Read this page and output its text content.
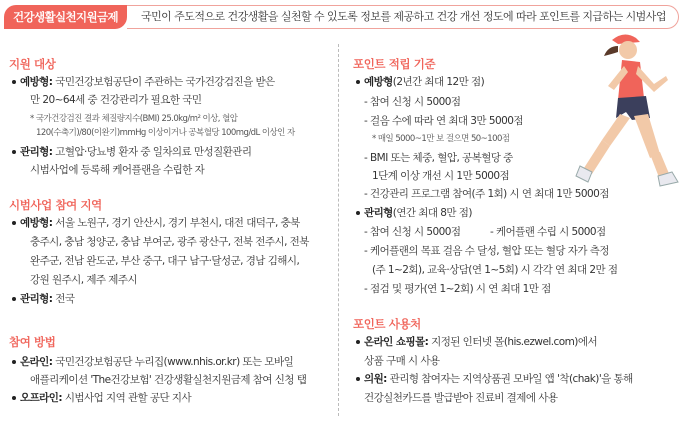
건강생활실천지원금제	국민이 주도적으로 건강생활을 실천할 수 있도록 정보를 제공하고 건강 개선 정도에 따라 포인트를 지급하는 시범사업
지원 대상
예방형: 국민건강보험공단이 주관하는 국가건강검진을 받은
만 20~64세 중 건강관리가 필요한 국민
* 국가건강검진 결과 체질량지수(BMI) 25.0kg/m² 이상, 혈압
120(수축기)/80(이완기)mmHg 이상이거나 공복혈당 100mg/dL 이상인 자
관리형: 고혈압·당뇨병 환자 중 일차의료 만성질환관리
시범사업에 등록해 케어플랜을 수립한 자
시범사업 참여 지역
예방형: 서울 노원구, 경기 안산시, 경기 부천시, 대전 대덕구, 충북
충주시, 충남 청양군, 충남 부여군, 광주 광산구, 전북 전주시, 전북
완주군, 전남 완도군, 부산 중구, 대구 남구·달성군, 경남 김해시,
강원 원주시, 제주 제주시
관리형: 전국
참여 방법
온라인: 국민건강보험공단 누리집(www.nhis.or.kr) 또는 모바일
애플리케이션 'The건강보험' 건강생활실천지원금제 참여 신청 탭
오프라인: 시범사업 지역 관할 공단 지사
포인트 적립 기준
예방형(2년간 최대 12만 점)
- 참여 신청 시 5000점
- 걸음 수에 따라 연 최대 3만 5000점
* 매일 5000~1만 보 걸으면 50~100점
- BMI 또는 체중, 혈압, 공복혈당 중
1단계 이상 개선 시 1만 5000점
- 건강관리 프로그램 참여(주 1회) 시 연 최대 1만 5000점
관리형(연간 최대 8만 점)
- 참여 신청 시 5000점	- 케어플랜 수립 시 5000점
- 케어플랜의 목표 걸음 수 달성, 혈압 또는 혈당 자가 측정
(주 1~2회), 교육·상담(연 1~5회) 시 각각 연 최대 2만 점
- 점검 및 평가(연 1~2회) 시 연 최대 1만 점
포인트 사용처
온라인 쇼핑몰: 지정된 인터넷 몰(his.ezwel.com)에서
상품 구매 시 사용
의원: 관리형 참여자는 지역상품권 모바일 앱 '착(chak)'을 통해
건강실천카드를 발급받아 진료비 결제에 사용
